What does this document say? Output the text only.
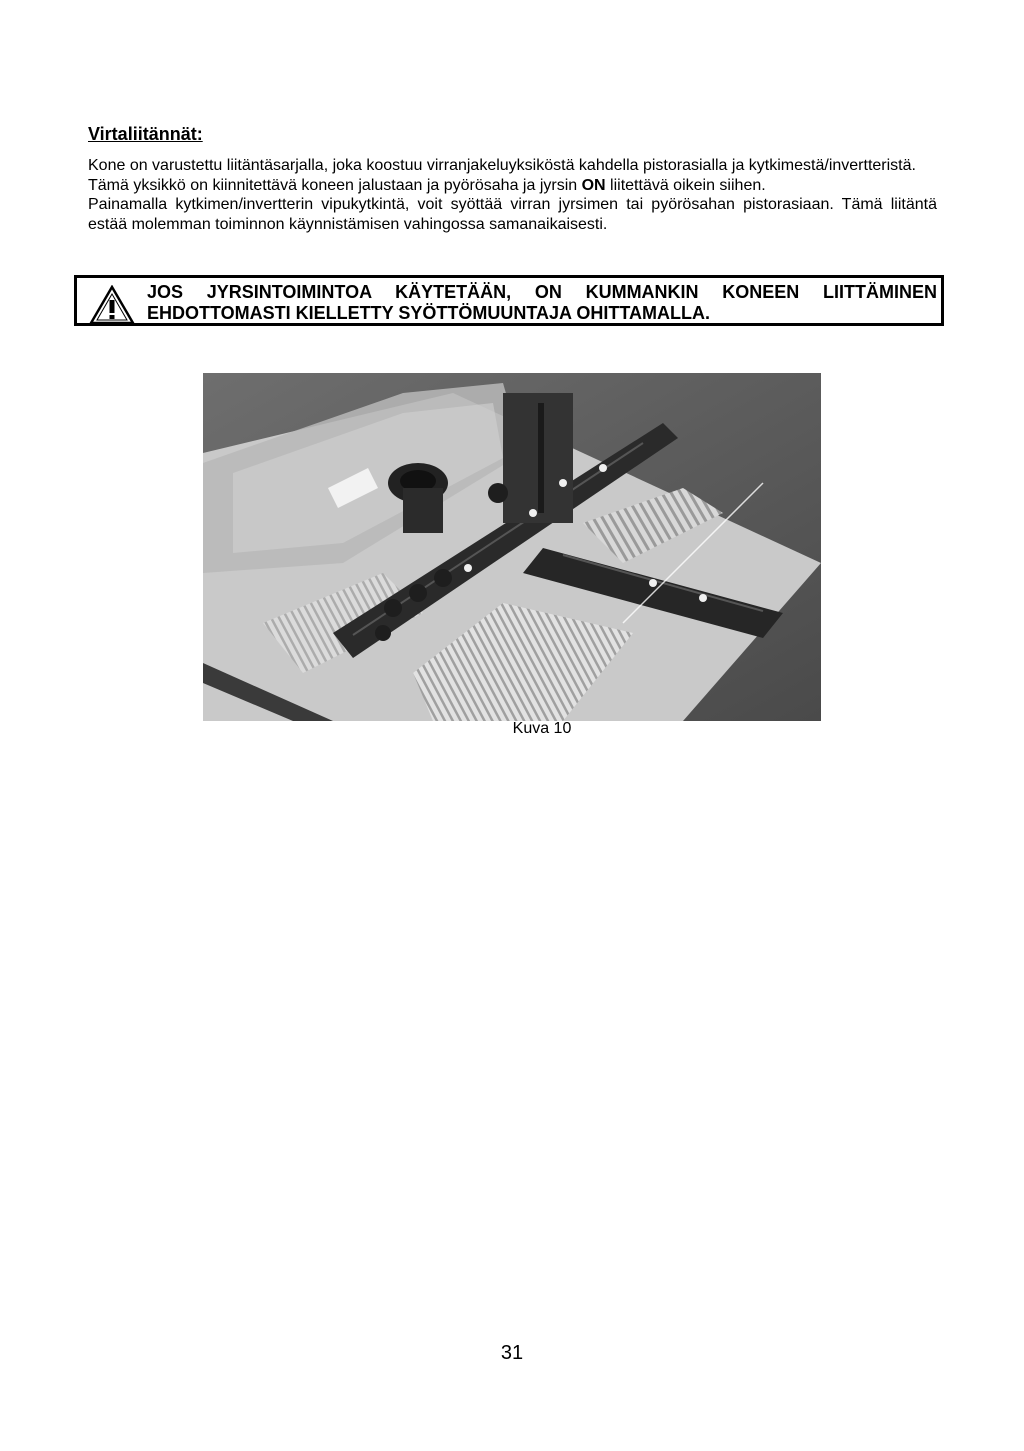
Virtaliitännät:

Kone on varustettu liitäntäsarjalla, joka koostuu virranjakeluyksiköstä kahdella pistorasialla ja kytkimestä/invertteristä.

Tämä yksikkö on kiinnitettävä koneen jalustaan ja pyörösaha ja jyrsin ON liitettävä oikein siihen.

Painamalla kytkimen/invertterin vipukytkintä, voit syöttää virran jyrsimen tai pyörösahan pistorasiaan. Tämä liitäntä estää molemman toiminnon käynnistämisen vahingossa samanaikaisesti.

JOS JYRSINTOIMINTOA KÄYTETÄÄN, ON KUMMANKIN KONEEN LIITTÄMINEN
EHDOTTOMASTI KIELLETTY SYÖTTÖMUUNTAJA OHITTAMALLA.
Kuva 10
31
